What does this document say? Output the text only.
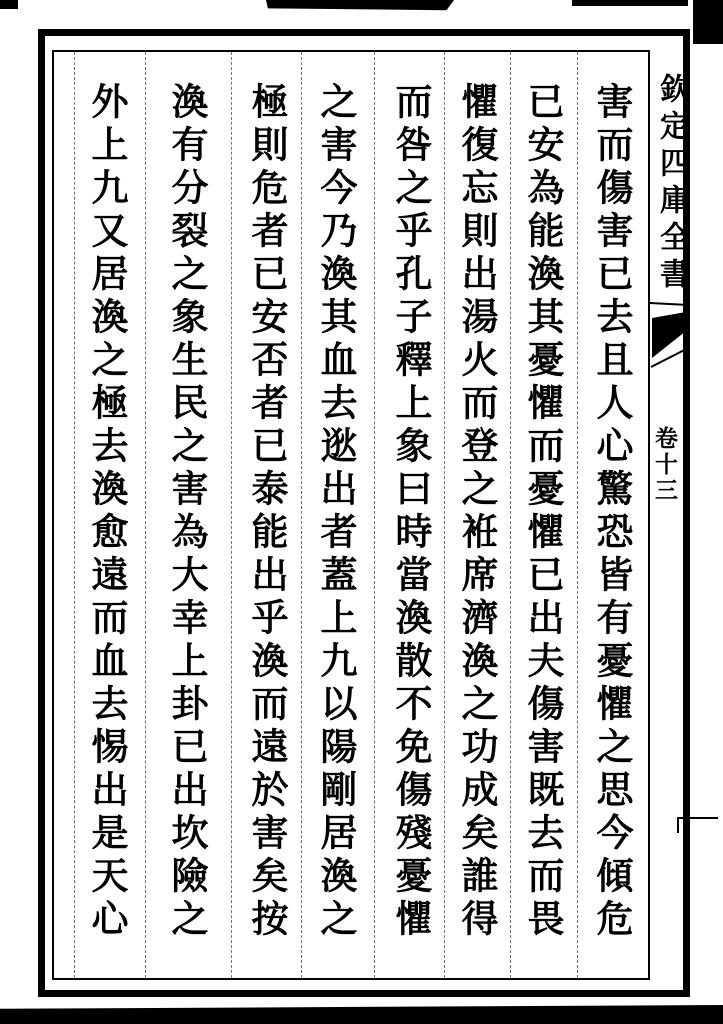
欽定四庫全書
卷十三
害而傷害已去且人心驚恐皆有憂懼之思今傾危
已安為能渙其憂懼而憂懼已出夫傷害既去而畏
懼復忘則出湯火而登之袵席濟渙之功成矣誰得
而咎之乎孔子釋上象曰時當渙散不免傷殘憂懼
之害今乃渙其血去逖出者蓋上九以陽剛居渙之
極則危者已安否者已泰能出乎渙而遠於害矣按
渙有分裂之象生民之害為大幸上卦已出坎險之
外上九又居渙之極去渙愈遠而血去惕出是天心
